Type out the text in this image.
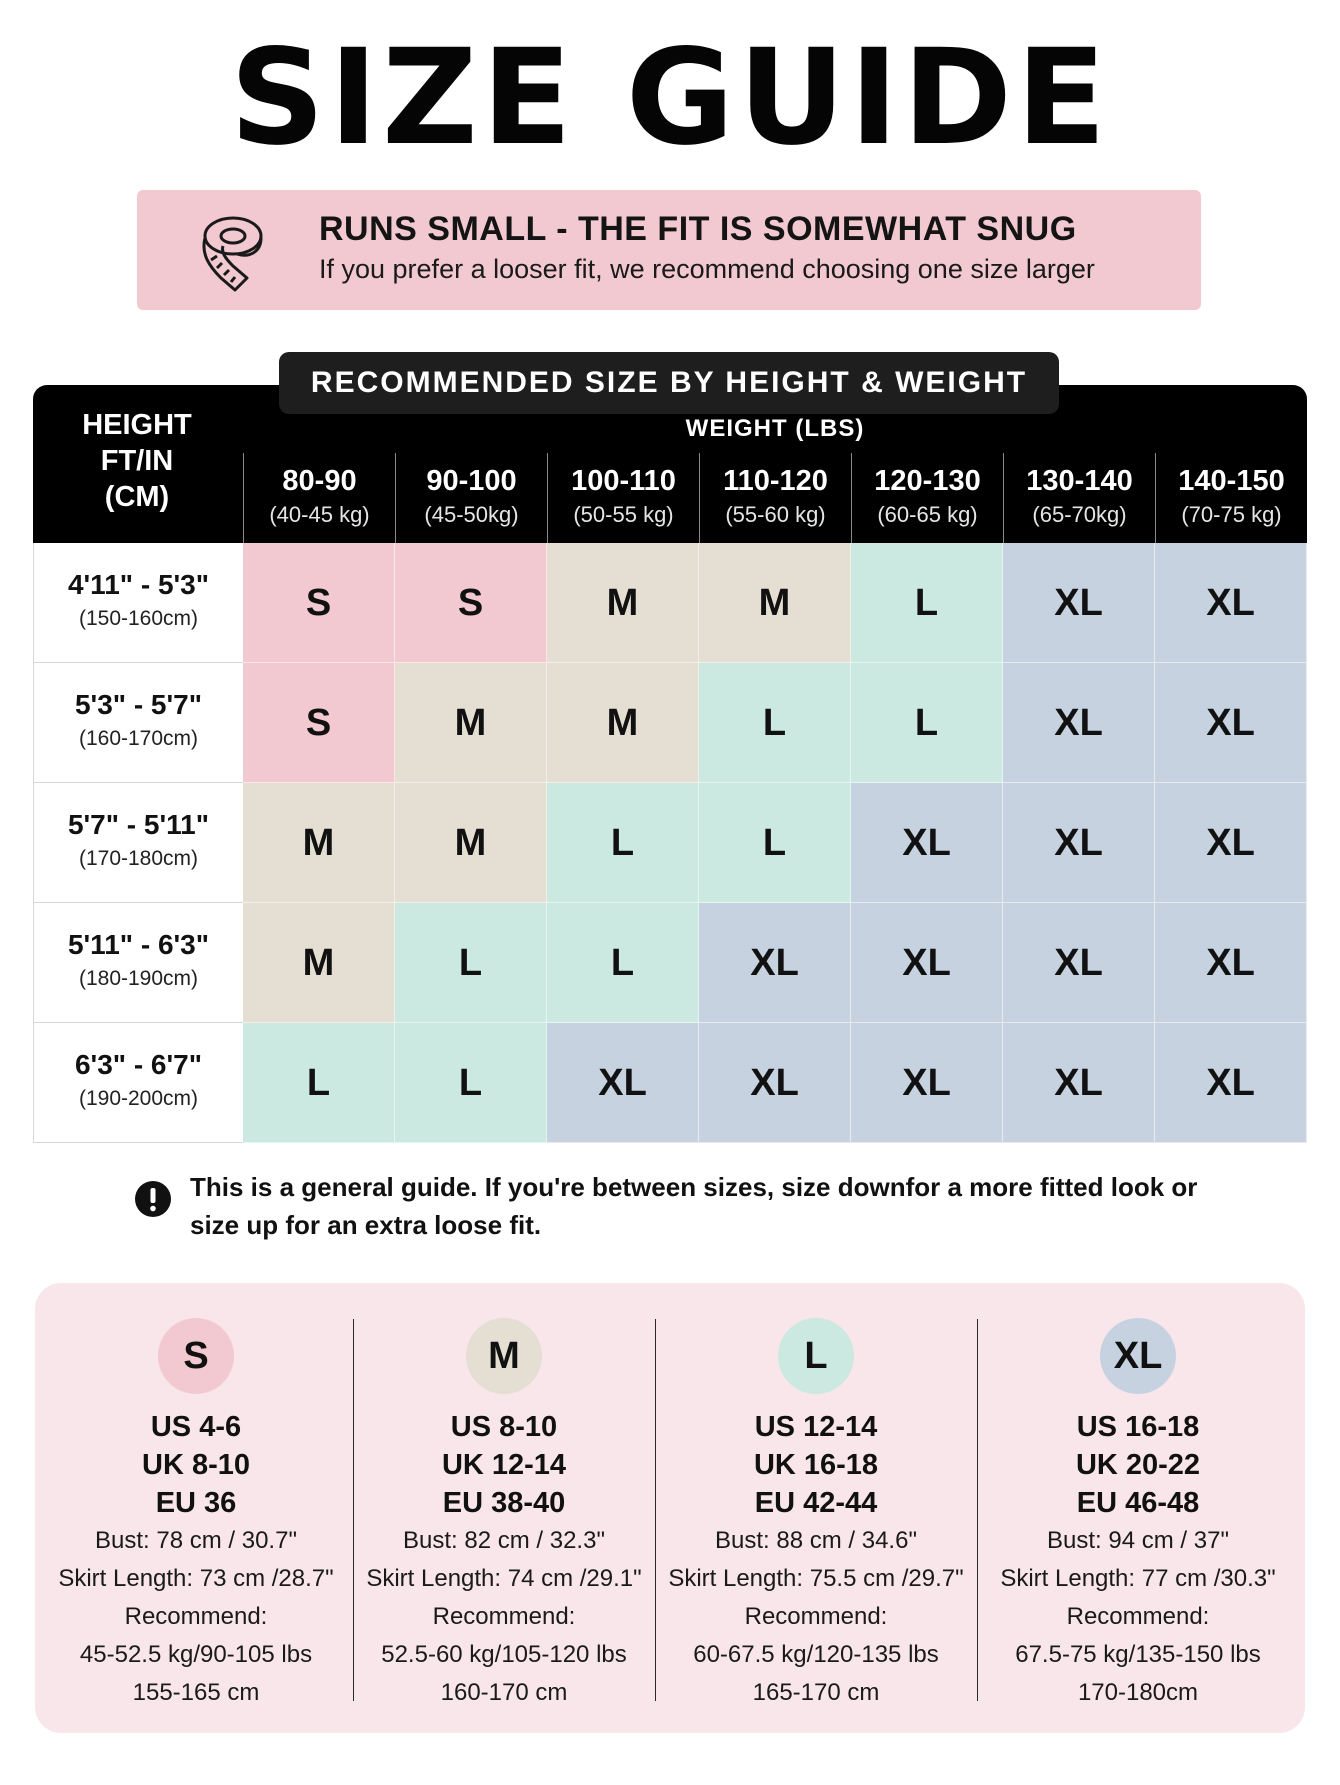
SIZE GUIDE
RUNS SMALL - THE FIT IS SOMEWHAT SNUG
If you prefer a looser fit, we recommend choosing one size larger
RECOMMENDED SIZE BY HEIGHT & WEIGHT
HEIGHT
FT/IN
(CM)
WEIGHT (LBS)
80-90
(40-45 kg)
90-100
(45-50kg)
100-110
(50-55 kg)
110-120
(55-60 kg)
120-130
(60-65 kg)
130-140
(65-70kg)
140-150
(70-75 kg)
4'11" - 5'3"
(150-160cm)	S	S	M	M	L	XL	XL
5'3" - 5'7"
(160-170cm)	S	M	M	L	L	XL	XL
5'7" - 5'11"
(170-180cm)	M	M	L	L	XL	XL	XL
5'11" - 6'3"
(180-190cm)	M	L	L	XL	XL	XL	XL
6'3" - 6'7"
(190-200cm)	L	L	XL	XL	XL	XL	XL
This is a general guide. If you're between sizes, size downfor a more fitted look or size up for an extra loose fit.
S
US 4-6
UK 8-10
EU 36
Bust: 78 cm / 30.7"
Skirt Length: 73 cm /28.7"
Recommend:
45-52.5 kg/90-105 lbs
155-165 cm
M
US 8-10
UK 12-14
EU 38-40
Bust: 82 cm / 32.3"
Skirt Length: 74 cm /29.1"
Recommend:
52.5-60 kg/105-120 lbs
160-170 cm
L
US 12-14
UK 16-18
EU 42-44
Bust: 88 cm / 34.6"
Skirt Length: 75.5 cm /29.7"
Recommend:
60-67.5 kg/120-135 lbs
165-170 cm
XL
US 16-18
UK 20-22
EU 46-48
Bust: 94 cm / 37"
Skirt Length: 77 cm /30.3"
Recommend:
67.5-75 kg/135-150 lbs
170-180cm
